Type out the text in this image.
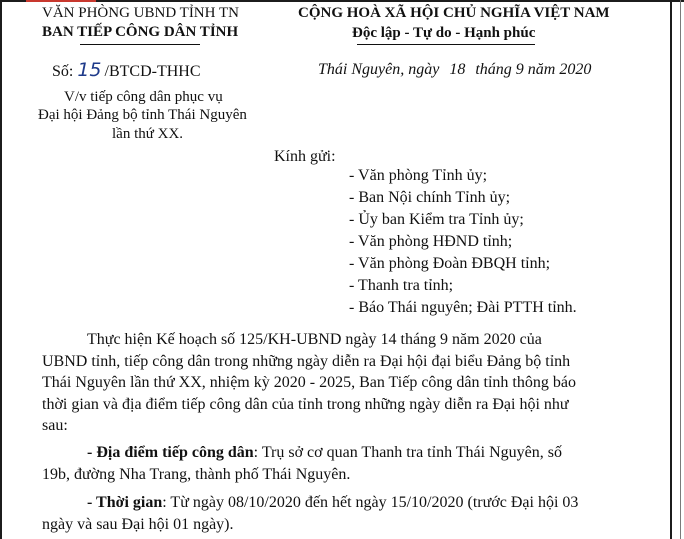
VĂN PHÒNG UBND TỈNH TN
BAN TIẾP CÔNG DÂN TỈNH
Số: 15 /BTCD-THHC
V/v tiếp công dân phục vụ
Đại hội Đảng bộ tỉnh Thái Nguyên
lần thứ XX.
CỘNG HOÀ XÃ HỘI CHỦ NGHĨA VIỆT NAM
Độc lập - Tự do - Hạnh phúc
Thái Nguyên, ngày 18 tháng 9 năm 2020
Kính gửi:
- Văn phòng Tỉnh ủy;
- Ban Nội chính Tỉnh ủy;
- Ủy ban Kiểm tra Tỉnh ủy;
- Văn phòng HĐND tỉnh;
- Văn phòng Đoàn ĐBQH tỉnh;
- Thanh tra tỉnh;
- Báo Thái nguyên; Đài PTTH tỉnh.
Thực hiện Kế hoạch số 125/KH-UBND ngày 14 tháng 9 năm 2020 của
UBND tỉnh, tiếp công dân trong những ngày diễn ra Đại hội đại biểu Đảng bộ tỉnh
Thái Nguyên lần thứ XX, nhiệm kỳ 2020 - 2025, Ban Tiếp công dân tỉnh thông báo
thời gian và địa điểm tiếp công dân của tỉnh trong những ngày diễn ra Đại hội như
sau:
- Địa điểm tiếp công dân: Trụ sở cơ quan Thanh tra tỉnh Thái Nguyên, số
19b, đường Nha Trang, thành phố Thái Nguyên.
- Thời gian: Từ ngày 08/10/2020 đến hết ngày 15/10/2020 (trước Đại hội 03
ngày và sau Đại hội 01 ngày).
